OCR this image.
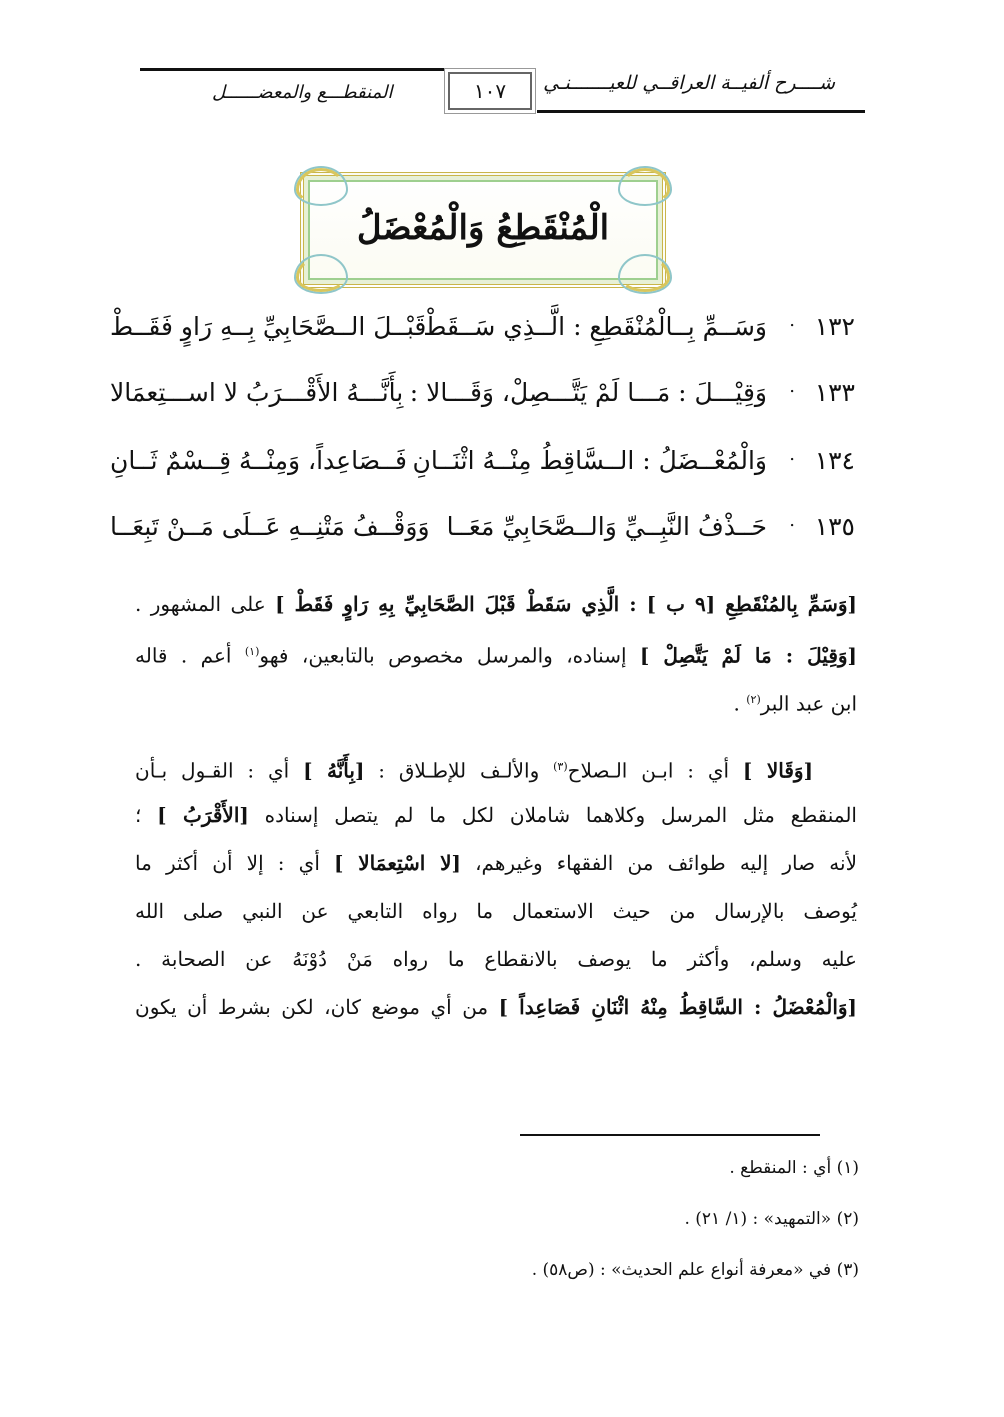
شــــرح ألفيــة العراقــي للعيـــــــنـي
١٠٧
المنقطـــع والمعضــــــل
الْمُنْقَطِعُ وَالْمُعْضَلُ
١٣٢
.
وَسَــمِّ بِــالْمُنْقَطِعِ : الَّــذِي سَــقَطْ
قَبْــلَ الــصَّحَابِيِّ بِــهِ رَاوٍ فَقَــطْ
١٣٣
.
وَقِيْـــلَ : مَـــا لَمْ يَتَّـــصِلْ، وَقَـــالا :
بِأَنَّـــهُ الأَقْـــرَبُ لا اســـتِعمَالا
١٣٤
.
وَالْمُعْــضَلُ : الــسَّاقِطُ مِنْــهُ اثْنَــانِ
فَــصَاعِداً، وَمِنْــهُ قِــسْمٌ ثَــانِ
١٣٥
.
حَــذْفُ النَّبِــيِّ وَالــصَّحَابِيِّ مَعَــا
وَوَقْــفُ مَتْنِــهِ عَــلَى مَــنْ تَبِعَــا
[وَسَمِّ بِالمُنْقَطِعِ [٩ ب ] : الَّذِي سَقَطْ قَبْلَ الصَّحَابِيِّ بِهِ رَاوٍ فَقَطْ ] على المشهور .
[وَقِيْلَ : مَا لَمْ يَتَّصِلْ ] إسناده، والمرسل مخصوص بالتابعين، فهو$^{(١)}$ أعم . قاله
ابن عبد البر$^{(٢)}$ .
[وَقَالا ] أي : ابـن الـصلاح$^{(٣)}$ والألـف للإطـلاق : [بِأَنَّهُ ] أي : القـول بـأن
المنقطع مثل المرسل وكلاهما شاملان لكل ما لم يتصل إسناده [الأَقْرَبُ ] ؛
لأنه صار إليه طوائف من الفقهاء وغيرهم، [لا اسْتِعمَالا ] أي : إلا أن أكثر ما
يُوصف بالإرسال من حيث الاستعمال ما رواه التابعي عن النبي صلى الله
عليه وسلم، وأكثر ما يوصف بالانقطاع ما رواه مَنْ دُوْنَهُ عن الصحابة .
[وَالْمُعْضَلُ : السَّاقِطُ مِنْهُ اثْنَانِ فَصَاعِداً ] من أي موضع كان، لكن بشرط أن يكون
(١) أي : المنقطع .
(٢) «التمهيد» : (١/ ٢١) .
(٣) في «معرفة أنواع علم الحديث» : (ص٥٨) .
